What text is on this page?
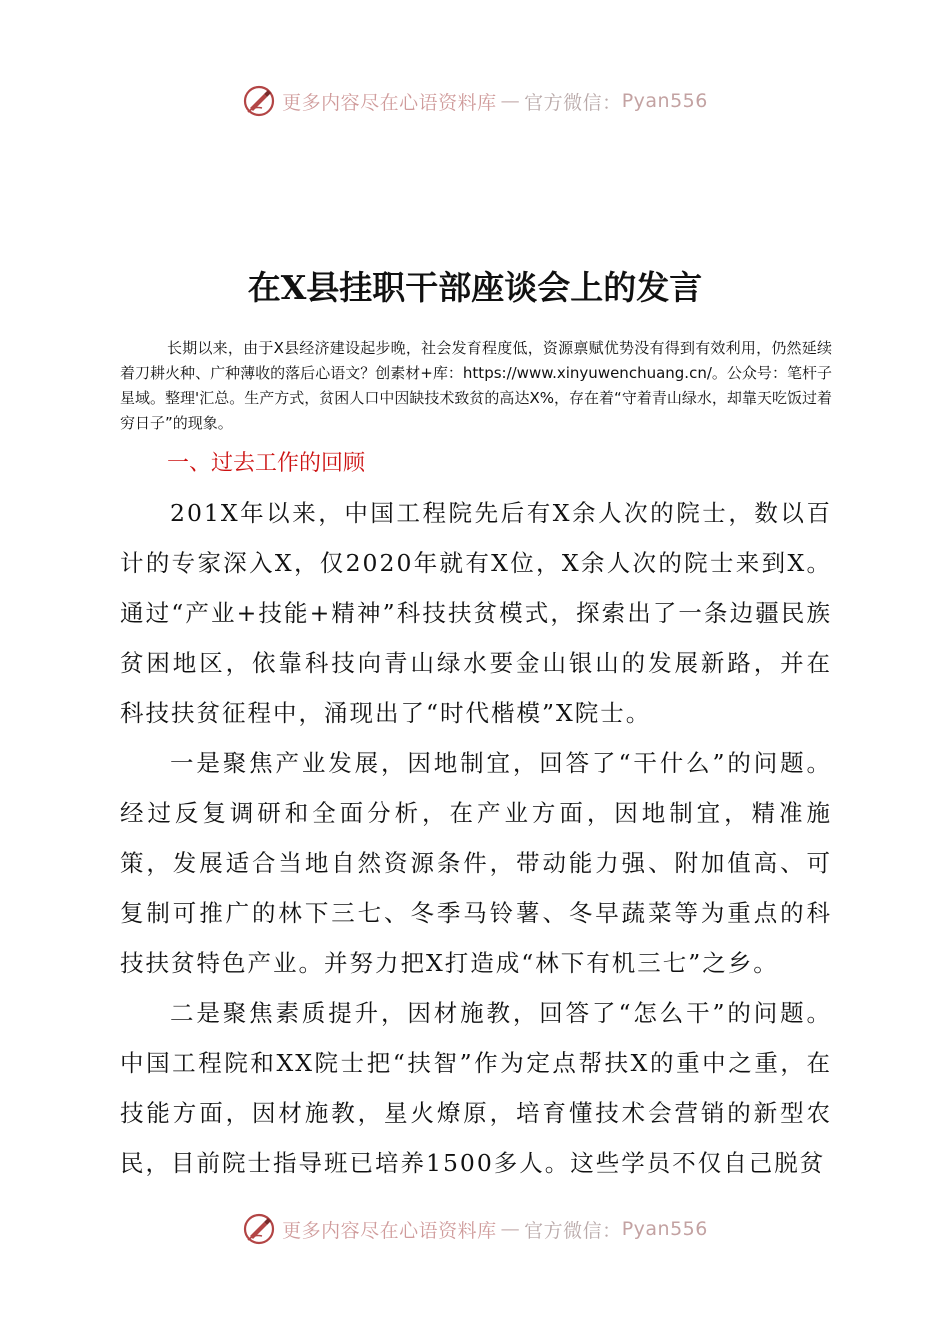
更多内容尽在心语资料库 — 官方微信： Pyan556
在X县挂职干部座谈会上的发言
长期以来，由于X县经济建设起步晚，社会发育程度低，资源禀赋优势没有得到有效利用，仍然延续着刀耕火种、广种薄收的落后心语文？创素材+库：https://www.xinyuwenchuang.cn/。公众号：笔杆子星域。整理'汇总。生产方式，贫困人口中因缺技术致贫的高达X%，存在着“守着青山绿水，却靠天吃饭过着穷日子”的现象。
一、过去工作的回顾

201X年以来，中国工程院先后有X余人次的院士，数以百计的专家深入X，仅2020年就有X位，X余人次的院士来到X。通过“产业+技能+精神”科技扶贫模式，探索出了一条边疆民族贫困地区，依靠科技向青山绿水要金山银山的发展新路，并在科技扶贫征程中，涌现出了“时代楷模”X院士。

一是聚焦产业发展，因地制宜，回答了“干什么”的问题。经过反复调研和全面分析，在产业方面，因地制宜，精准施策，发展适合当地自然资源条件，带动能力强、附加值高、可复制可推广的林下三七、冬季马铃薯、冬早蔬菜等为重点的科技扶贫特色产业。并努力把X打造成“林下有机三七”之乡。

二是聚焦素质提升，因材施教，回答了“怎么干”的问题。中国工程院和XX院士把“扶智”作为定点帮扶X的重中之重，在技能方面，因材施教，星火燎原，培育懂技术会营销的新型农民，目前院士指导班已培养1500多人。这些学员不仅自己脱贫

更多内容尽在心语资料库 — 官方微信： Pyan556
